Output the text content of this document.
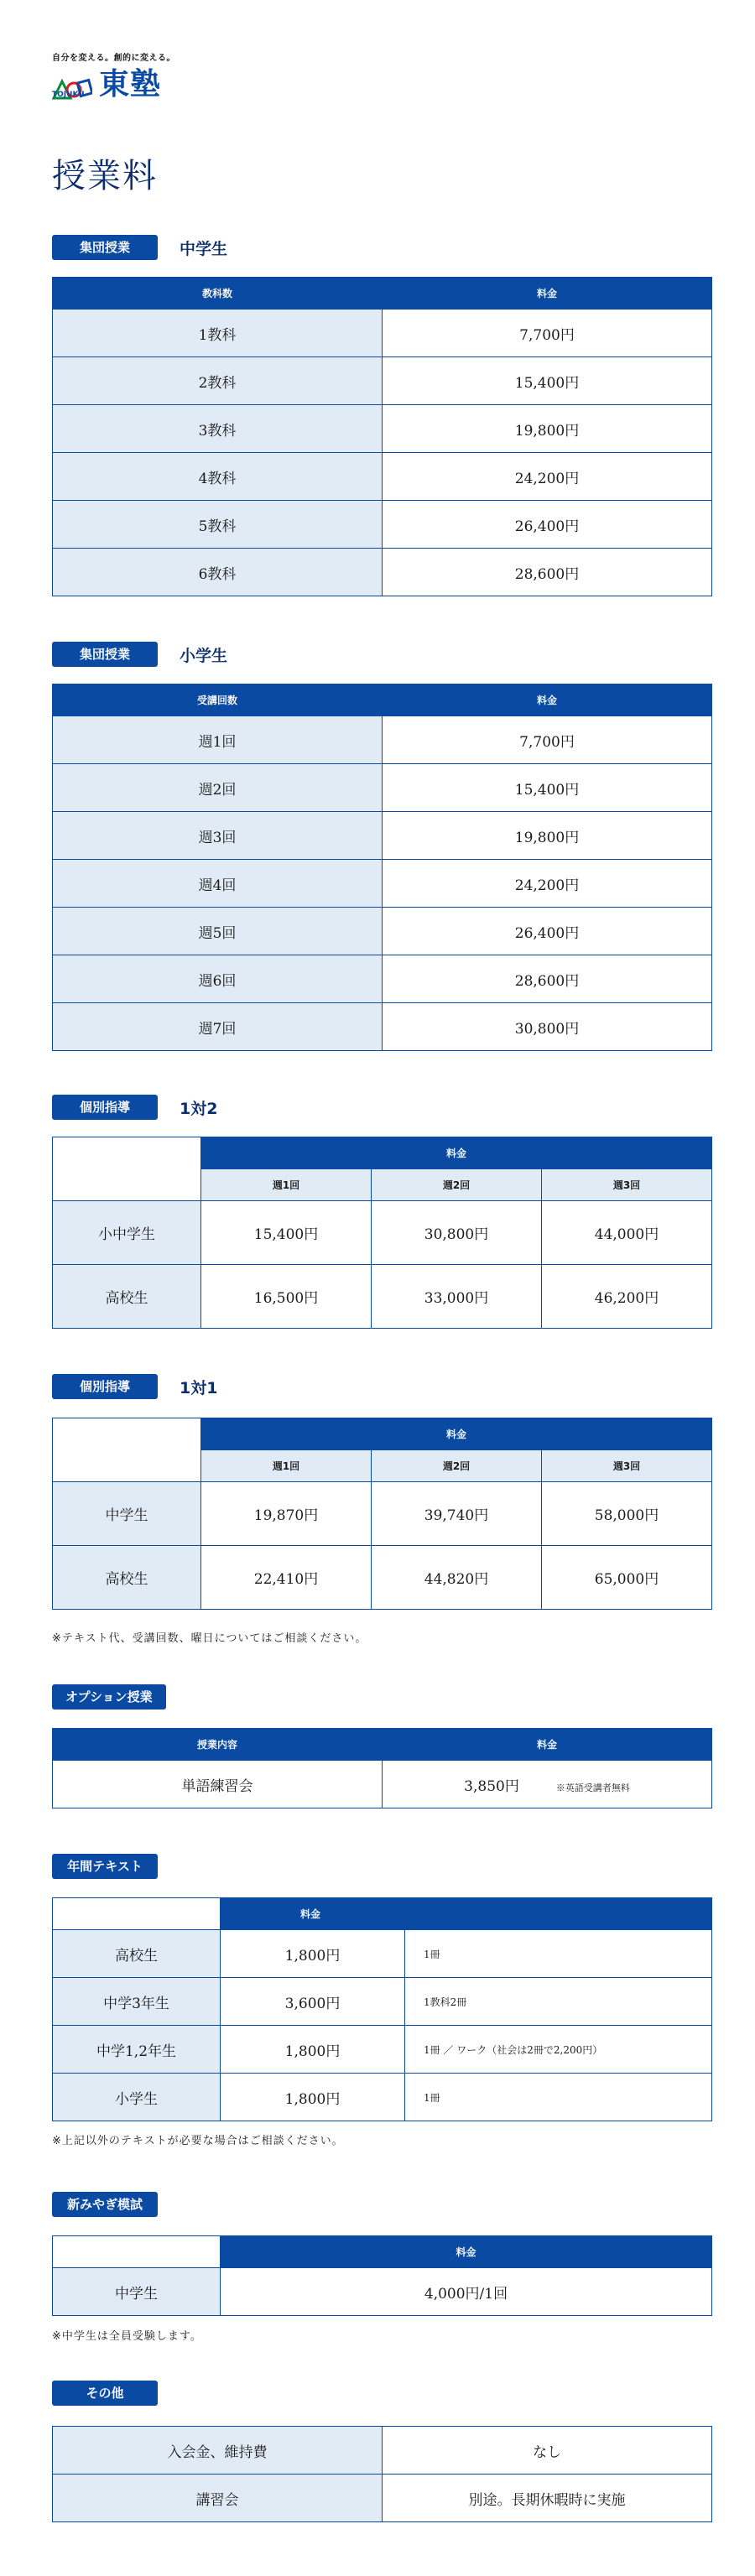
自分を変える。創的に変える。
東塾
TOJUKU
授業料
集団授業	中学生
教科数	料金
1教科	7,700円
2教科	15,400円
3教科	19,800円
4教科	24,200円
5教科	26,400円
6教科	28,600円
集団授業	小学生
受講回数	料金
週1回	7,700円
週2回	15,400円
週3回	19,800円
週4回	24,200円
週5回	26,400円
週6回	28,600円
週7回	30,800円
個別指導	1対2
	料金		
	週1回	週2回	週3回
小中学生	15,400円	30,800円	44,000円
高校生	16,500円	33,000円	46,200円
個別指導	1対1
	料金		
	週1回	週2回	週3回
中学生	19,870円	39,740円	58,000円
高校生	22,410円	44,820円	65,000円
※テキスト代、受講回数、曜日についてはご相談ください。
オプション授業
授業内容	料金
単語練習会	3,850円 ※英語受講者無料
年間テキスト
	料金	
高校生	1,800円	1冊
中学3年生	3,600円	1教科2冊
中学1,2年生	1,800円	1冊 ／ ワーク（社会は2冊で2,200円）
小学生	1,800円	1冊
※上記以外のテキストが必要な場合はご相談ください。
新みやぎ模試
	料金
中学生	4,000円/1回
※中学生は全員受験します。
その他
入会金、維持費	なし
講習会	別途。長期休暇時に実施
